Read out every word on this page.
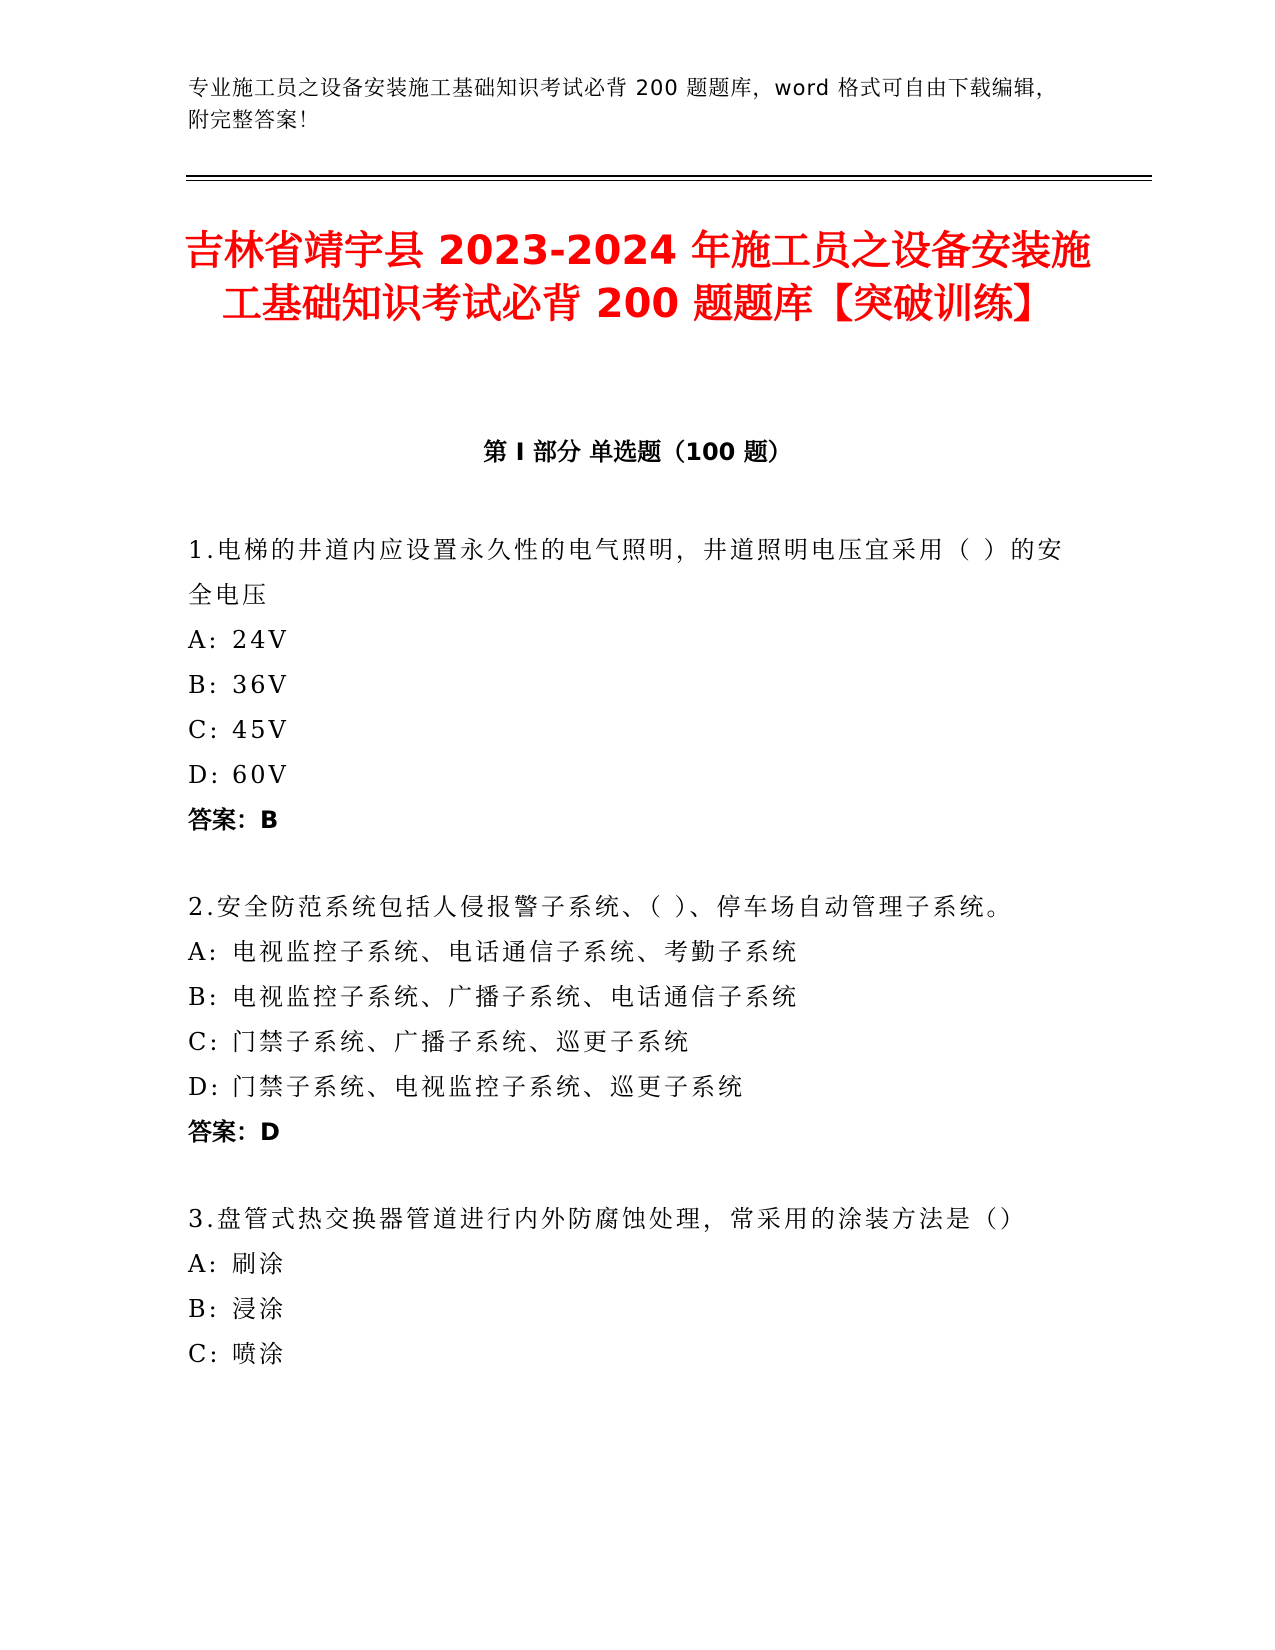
专业施工员之设备安装施工基础知识考试必背 200 题题库，word 格式可自由下载编辑，附完整答案！
吉林省靖宇县 2023-2024 年施工员之设备安装施工基础知识考试必背 200 题题库【突破训练】
第 I 部分 单选题（100 题）

1.电梯的井道内应设置永久性的电气照明，井道照明电压宜采用（ ）的安全电压

A: 24V

B: 36V

C: 45V

D: 60V

答案：B

2.安全防范系统包括人侵报警子系统、（ ）、停车场自动管理子系统。

A: 电视监控子系统、电话通信子系统、考勤子系统

B: 电视监控子系统、广播子系统、电话通信子系统

C: 门禁子系统、广播子系统、巡更子系统

D: 门禁子系统、电视监控子系统、巡更子系统

答案：D

3.盘管式热交换器管道进行内外防腐蚀处理，常采用的涂装方法是（）

A: 刷涂

B: 浸涂

C: 喷涂
